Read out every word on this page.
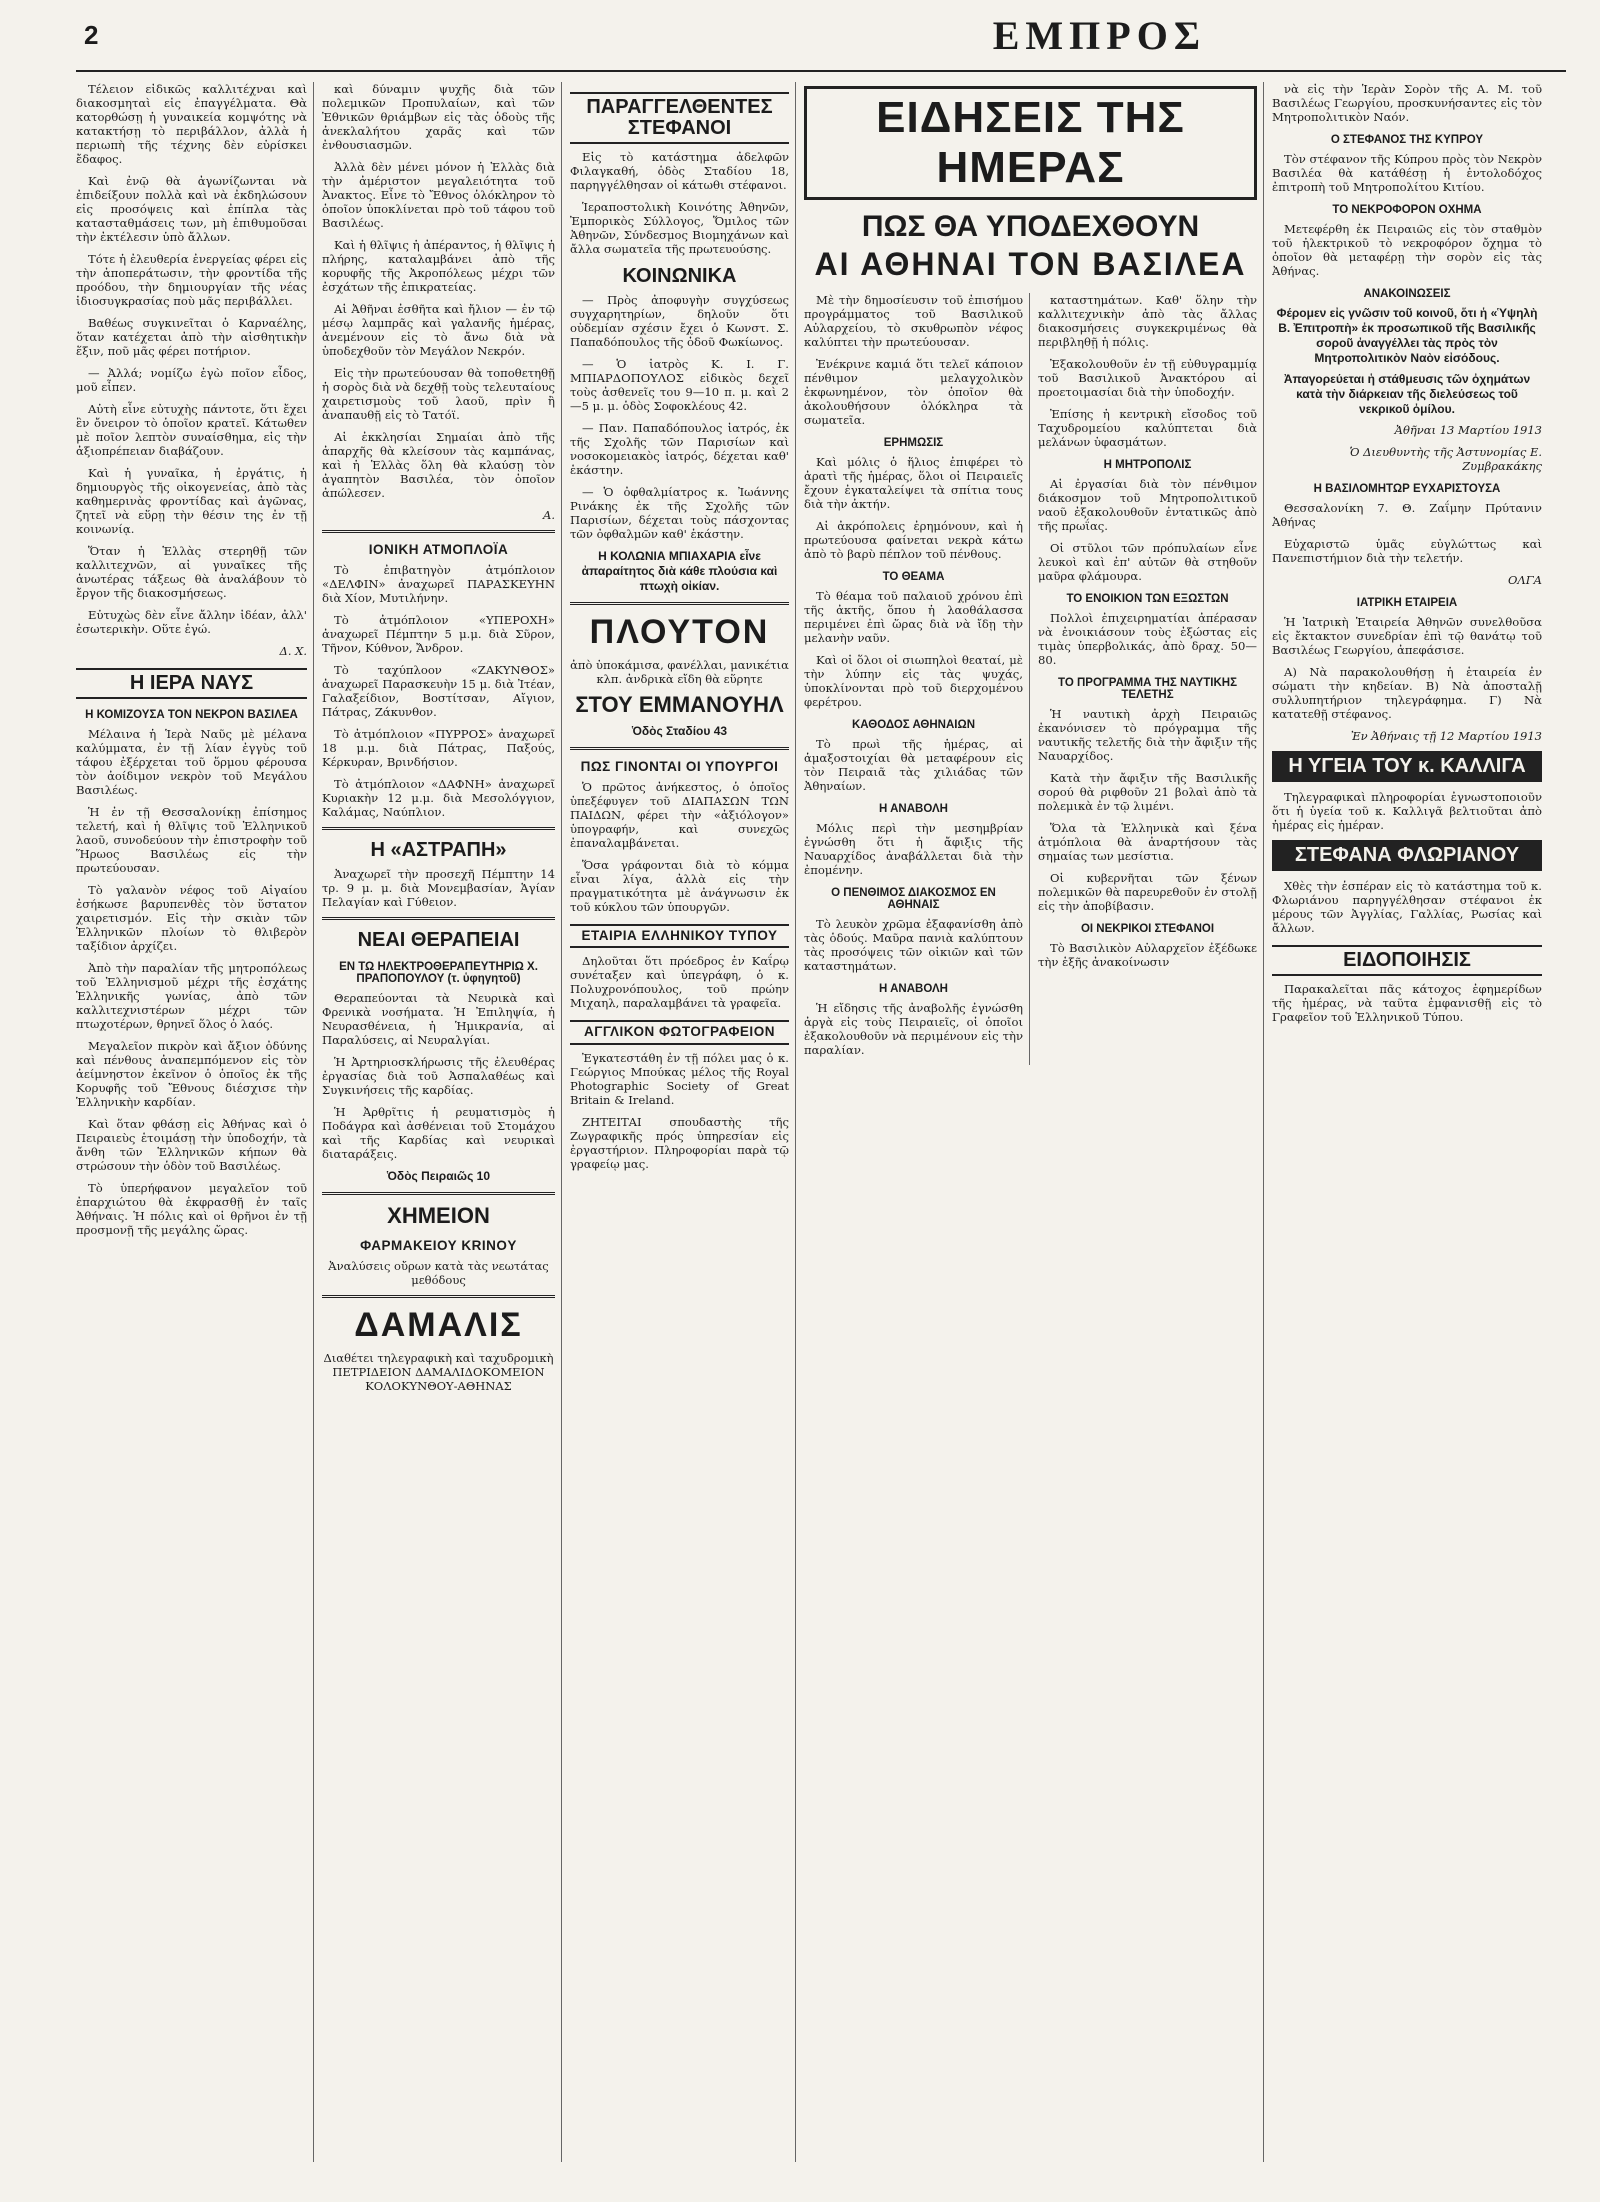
2	ΕΜΠΡΟΣ

Τέλειον εἰδικῶς καλλιτέχναι καὶ διακοσμηταὶ εἰς ἐπαγγέλματα. Θὰ κατορθώσῃ ἡ γυναικεία κομψότης νὰ κατακτήσῃ τὸ περιβάλλον, ἀλλὰ ἡ περιωπὴ τῆς τέχνης δὲν εὑρίσκει ἔδαφος.

Καὶ ἐνῷ θὰ ἀγωνίζωνται νὰ ἐπιδείξουν πολλὰ καὶ νὰ ἐκδηλώσουν εἰς προσόψεις καὶ ἐπίπλα τὰς κατασταθμάσεις των, μὴ ἐπιθυμοῦσαι τὴν ἐκτέλεσιν ὑπὸ ἄλλων.

Τότε ἡ ἐλευθερία ἐνεργείας φέρει εἰς τὴν ἀποπεράτωσιν, τὴν φροντίδα τῆς προόδου, τὴν δημιουργίαν τῆς νέας ἰδιοσυγκρασίας ποὺ μᾶς περιβάλλει.

Βαθέως συγκινεῖται ὁ Καρναέλης, ὅταν κατέχεται ἀπὸ τὴν αἰσθητικὴν ἕξιν, ποῦ μᾶς φέρει ποτήριον.

— Ἀλλά; νομίζω ἐγὼ ποῖον εἶδος, μοῦ εἶπεν.

Αὐτὴ εἶνε εὐτυχὴς πάντοτε, ὅτι ἔχει ἓν ὄνειρον τὸ ὁποῖον κρατεῖ. Κάτωθεν μὲ ποῖον λεπτὸν συναίσθημα, εἰς τὴν ἀξιοπρέπειαν διαβάζουν.

Καὶ ἡ γυναῖκα, ἡ ἐργάτις, ἡ δημιουργὸς τῆς οἰκογενείας, ἀπὸ τὰς καθημερινὰς φροντίδας καὶ ἀγῶνας, ζητεῖ νὰ εὕρῃ τὴν θέσιν της ἐν τῇ κοινωνίᾳ.

Ὅταν ἡ Ἑλλὰς στερηθῇ τῶν καλλιτεχνῶν, αἱ γυναῖκες τῆς ἀνωτέρας τάξεως θὰ ἀναλάβουν τὸ ἔργον τῆς διακοσμήσεως.

Εὐτυχὼς δὲν εἶνε ἄλλην ἰδέαν, ἀλλ' ἐσωτερικὴν. Οὕτε ἐγώ.

Δ. Χ.
Η ΙΕΡΑ ΝΑΥΣ
Η ΚΟΜΙΖΟΥΣΑ ΤΟΝ ΝΕΚΡΟΝ ΒΑΣΙΛΕΑ

Μέλαινα ἡ Ἱερὰ Ναῦς μὲ μέλανα καλύμματα, ἐν τῇ λίαν ἐγγὺς τοῦ τάφου ἐξέρχεται τοῦ ὅρμου φέρουσα τὸν ἀοίδιμον νεκρὸν τοῦ Μεγάλου Βασιλέως.

Ἡ ἐν τῇ Θεσσαλονίκῃ ἐπίσημος τελετή, καὶ ἡ θλῖψις τοῦ Ἑλληνικοῦ λαοῦ, συνοδεύουν τὴν ἐπιστροφὴν τοῦ Ἥρωος Βασιλέως εἰς τὴν πρωτεύουσαν.

Τὸ γαλανὸν νέφος τοῦ Αἰγαίου ἐσήκωσε βαρυπενθὲς τὸν ὕστατον χαιρετισμόν. Εἰς τὴν σκιὰν τῶν Ἑλληνικῶν πλοίων τὸ θλιβερὸν ταξίδιον ἀρχίζει.

Ἀπὸ τὴν παραλίαν τῆς μητροπόλεως τοῦ Ἑλληνισμοῦ μέχρι τῆς ἐσχάτης Ἑλληνικῆς γωνίας, ἀπὸ τῶν καλλιτεχνιστέρων μέχρι τῶν πτωχοτέρων, θρηνεῖ ὅλος ὁ λαός.

Μεγαλεῖον πικρὸν καὶ ἄξιον ὀδύνης καὶ πένθους ἀναπεμπόμενον εἰς τὸν ἀείμνηστον ἐκεῖνον ὁ ὁποῖος ἐκ τῆς Κορυφῆς τοῦ Ἔθνους διέσχισε τὴν Ἑλληνικὴν καρδίαν.

Καὶ ὅταν φθάσῃ εἰς Ἀθήνας καὶ ὁ Πειραιεὺς ἑτοιμάσῃ τὴν ὑποδοχήν, τὰ ἄνθη τῶν Ἑλληνικῶν κήπων θὰ στρώσουν τὴν ὁδὸν τοῦ Βασιλέως.

Τὸ ὑπερήφανον μεγαλεῖον τοῦ ἐπαρχιώτου θὰ ἐκφρασθῇ ἐν ταῖς Ἀθήναις. Ἡ πόλις καὶ οἱ θρῆνοι ἐν τῇ προσμονῇ τῆς μεγάλης ὥρας.

καὶ δύναμιν ψυχῆς διὰ τῶν πολεμικῶν Προπυλαίων, καὶ τῶν Ἐθνικῶν θριάμβων εἰς τὰς ὁδοὺς τῆς ἀνεκλαλήτου χαρᾶς καὶ τῶν ἐνθουσιασμῶν.

Ἀλλὰ δὲν μένει μόνον ἡ Ἑλλὰς διὰ τὴν ἀμέριστον μεγαλειότητα τοῦ Ἀνακτος. Εἶνε τὸ Ἔθνος ὁλόκληρον τὸ ὁποῖον ὑποκλίνεται πρὸ τοῦ τάφου τοῦ Βασιλέως.

Καὶ ἡ θλῖψις ἡ ἀπέραντος, ἡ θλῖψις ἡ πλήρης, καταλαμβάνει ἀπὸ τῆς κορυφῆς τῆς Ἀκροπόλεως μέχρι τῶν ἐσχάτων τῆς ἐπικρατείας.

Αἱ Ἀθῆναι ἐσθῆτα καὶ ἤλιον — ἐν τῷ μέσῳ λαμπρᾶς καὶ γαλανῆς ἡμέρας, ἀνεμένουν εἰς τὸ ἄνω διὰ νὰ ὑποδεχθοῦν τὸν Μεγάλον Νεκρόν.

Εἰς τὴν πρωτεύουσαν θὰ τοποθετηθῇ ἡ σορὸς διὰ νὰ δεχθῇ τοὺς τελευταίους χαιρετισμοὺς τοῦ λαοῦ, πρὶν ἢ ἀναπαυθῇ εἰς τὸ Τατόϊ.

Αἱ ἐκκλησίαι Σημαίαι ἀπὸ τῆς ἀπαρχῆς θὰ κλείσουν τὰς καμπάνας, καὶ ἡ Ἑλλὰς ὅλη θὰ κλαύσῃ τὸν ἀγαπητὸν Βασιλέα, τὸν ὁποῖον ἀπώλεσεν.

Α.
ΙΟΝΙΚΗ ΑΤΜΟΠΛΟΪΑ

Τὸ ἐπιβατηγὸν ἀτμόπλοιον «ΔΕΛΦΙΝ» ἀναχωρεῖ ΠΑΡΑΣΚΕΥΗΝ διὰ Χίον, Μυτιλήνην.

Τὸ ἀτμόπλοιον «ΥΠΕΡΟΧΗ» ἀναχωρεῖ Πέμπτην 5 μ.μ. διὰ Σῦρον, Τῆνον, Κύθνον, Ἄνδρον.

Τὸ ταχύπλοον «ΖΑΚΥΝΘΟΣ» ἀναχωρεῖ Παρασκευὴν 15 μ. διὰ Ἰτέαν, Γαλαξείδιον, Βοστίτσαν, Αἴγιον, Πάτρας, Ζάκυνθον.

Τὸ ἀτμόπλοιον «ΠΥΡΡΟΣ» ἀναχωρεῖ 18 μ.μ. διὰ Πάτρας, Παξούς, Κέρκυραν, Βρινδήσιον.

Τὸ ἀτμόπλοιον «ΔΑΦΝΗ» ἀναχωρεῖ Κυριακὴν 12 μ.μ. διὰ Μεσολόγγιον, Καλάμας, Ναύπλιον.

Η «ΑΣΤΡΑΠΗ»

Ἀναχωρεῖ τὴν προσεχῆ Πέμπτην 14 τρ. 9 μ. μ. διὰ Μονεμβασίαν, Ἁγίαν Πελαγίαν καὶ Γύθειον.

ΝΕΑΙ ΘΕΡΑΠΕΙΑΙ
ΕΝ ΤΩ ΗΛΕΚΤΡΟΘΕΡΑΠΕΥΤΗΡΙΩ Χ. ΠΡΑΠΟΠΟΥΛΟΥ (τ. ὑφηγητοῦ)

Θεραπεύονται τὰ Νευρικὰ καὶ Φρενικὰ νοσήματα. Ἡ Ἐπιληψία, ἡ Νευρασθένεια, ἡ Ἡμικρανία, αἱ Παραλύσεις, αἱ Νευραλγίαι.

Ἡ Ἀρτηριοσκλήρωσις τῆς ἐλευθέρας ἐργασίας διὰ τοῦ Ἀσπαλαθέως καὶ Συγκινήσεις τῆς καρδίας.

Ἡ Ἀρθρῖτις ἡ ρευματισμὸς ἡ Ποδάγρα καὶ ἀσθένειαι τοῦ Στομάχου καὶ τῆς Καρδίας καὶ νευρικαὶ διαταράξεις.

Ὁδὸς Πειραιῶς 10
ΧΗΜΕΙΟΝ
ΦΑΡΜΑΚΕΙΟΥ KRINOY
Ἀναλύσεις οὔρων κατὰ τὰς νεωτάτας μεθόδους
ΔΑΜΑΛΙΣ
Διαθέτει τηλεγραφικὴ καὶ ταχυδρομικὴ ΠΕΤΡΙΔΕΙΟΝ ΔΑΜΑΛΙΔΟΚΟΜΕΙΟΝ ΚΟΛΟΚΥΝΘΟΥ-ΑΘΗΝΑΣ
ΠΑΡΑΓΓΕΛΘΕΝΤΕΣ ΣΤΕΦΑΝΟΙ

Εἰς τὸ κατάστημα ἀδελφῶν Φιλαγκαθή, ὁδὸς Σταδίου 18, παρηγγέλθησαν οἱ κάτωθι στέφανοι.

Ἱεραποστολικὴ Κοινότης Ἀθηνῶν, Ἐμπορικὸς Σύλλογος, Ὅμιλος τῶν Ἀθηνῶν, Σύνδεσμος Βιομηχάνων καὶ ἄλλα σωματεῖα τῆς πρωτευούσης.

ΚΟΙΝΩΝΙΚΑ

— Πρὸς ἀποφυγὴν συγχύσεως συγχαρητηρίων, δηλοῦν ὅτι οὐδεμίαν σχέσιν ἔχει ὁ Κωνστ. Σ. Παπαδόπουλος τῆς ὁδοῦ Φωκίωνος.

— Ὁ ἰατρὸς Κ. Ι. Γ. ΜΠΙΑΡΔΟΠΟΥΛΟΣ εἰδικὸς δεχεῖ τοὺς ἀσθενεῖς του 9—10 π. μ. καὶ 2—5 μ. μ. ὁδὸς Σοφοκλέους 42.

— Παν. Παπαδόπουλος ἰατρός, ἐκ τῆς Σχολῆς τῶν Παρισίων καὶ νοσοκομειακὸς ἰατρός, δέχεται καθ' ἑκάστην.

— Ὁ ὀφθαλμίατρος κ. Ἰωάννης Ρινάκης ἐκ τῆς Σχολῆς τῶν Παρισίων, δέχεται τοὺς πάσχοντας τῶν ὀφθαλμῶν καθ' ἑκάστην.

Η ΚΟΛΩΝΙΑ ΜΠΙΑΧΑΡΙΑ εἶνε ἀπαραίτητος διὰ κάθε πλούσια καὶ πτωχὴ οἰκίαν.
ΠΛΟΥΤΟΝ
ἀπὸ ὑποκάμισα, φανέλλαι, μανικέτια κλπ. ἀνδρικὰ εἴδη θὰ εὕρητε
ΣΤΟΥ ΕΜΜΑΝΟΥΗΛ
Ὁδὸς Σταδίου 43
ΠΩΣ ΓΙΝΟΝΤΑΙ ΟΙ ΥΠΟΥΡΓΟΙ

Ὁ πρῶτος ἀνήκεστος, ὁ ὁποῖος ὑπεξέφυγεν τοῦ ΔΙΑΠΑΣΩΝ ΤΩΝ ΠΑΙΔΩΝ, φέρει τὴν «ἀξιόλογον» ὑπογραφήν, καὶ συνεχῶς ἐπαναλαμβάνεται.

Ὅσα γράφονται διὰ τὸ κόμμα εἶναι λίγα, ἀλλὰ εἰς τὴν πραγματικότητα μὲ ἀνάγνωσιν ἐκ τοῦ κύκλου τῶν ὑπουργῶν.

ΕΤΑΙΡΙΑ ΕΛΛΗΝΙΚΟΥ ΤΥΠΟΥ

Δηλοῦται ὅτι πρόεδρος ἐν Καΐρῳ συνέταξεν καὶ ὑπεγράφη, ὁ κ. Πολυχρονόπουλος, τοῦ πρώην Μιχαηλ, παραλαμβάνει τὰ γραφεῖα.

ΑΓΓΛΙΚΟΝ ΦΩΤΟΓΡΑΦΕΙΟΝ

Ἐγκατεστάθη ἐν τῇ πόλει μας ὁ κ. Γεώργιος Μπούκας μέλος τῆς Royal Photographic Society of Great Britain & Ireland.

ΖΗΤΕΙΤΑΙ σπουδαστὴς τῆς Ζωγραφικῆς πρός ὑπηρεσίαν εἰς ἐργαστήριον. Πληροφορίαι παρὰ τῷ γραφείῳ μας.

ΕΙΔΗΣΕΙΣ ΤΗΣ ΗΜΕΡΑΣ
ΠΩΣ ΘΑ ΥΠΟΔΕΧΘΟΥΝ
ΑΙ ΑΘΗΝΑΙ ΤΟΝ ΒΑΣΙΛΕΑ

Μὲ τὴν δημοσίευσιν τοῦ ἐπισήμου προγράμματος τοῦ Βασιλικοῦ Αὐλαρχείου, τὸ σκυθρωπὸν νέφος καλύπτει τὴν πρωτεύουσαν.

Ἐνέκρινε καμιά ὅτι τελεῖ κάποιον πένθιμον μελαγχολικὸν ἐκφωνημένον, τὸν ὁποῖον θὰ ἀκολουθήσουν ὁλόκληρα τὰ σωματεῖα.

ΕΡΗΜΩΣΙΣ

Καὶ μόλις ὁ ἥλιος ἐπιφέρει τὸ ἀρατὶ τῆς ἡμέρας, ὅλοι οἱ Πειραιεῖς ἔχουν ἐγκαταλείψει τὰ σπίτια τους διὰ τὴν ἀκτήν.

Αἱ ἀκρόπολεις ἐρημόνουν, καὶ ἡ πρωτεύουσα φαίνεται νεκρὰ κάτω ἀπὸ τὸ βαρὺ πέπλον τοῦ πένθους.

ΤΟ ΘΕΑΜΑ

Τὸ θέαμα τοῦ παλαιοῦ χρόνου ἐπὶ τῆς ἀκτῆς, ὅπου ἡ λαοθάλασσα περιμένει ἐπὶ ὥρας διὰ νὰ ἴδῃ τὴν μελανὴν ναῦν.

Καὶ οἱ ὅλοι οἱ σιωπηλοὶ θεαταί, μὲ τὴν λύπην εἰς τὰς ψυχάς, ὑποκλίνονται πρὸ τοῦ διερχομένου φερέτρου.

ΚΑΘΟΔΟΣ ΑΘΗΝΑΙΩΝ

Τὸ πρωὶ τῆς ἡμέρας, αἱ ἁμαξοστοιχίαι θὰ μεταφέρουν εἰς τὸν Πειραιᾶ τὰς χιλιάδας τῶν Ἀθηναίων.

Η ΑΝΑΒΟΛΗ

Μόλις περὶ τὴν μεσημβρίαν ἐγνώσθη ὅτι ἡ ἄφιξις τῆς Ναυαρχίδος ἀναβάλλεται διὰ τὴν ἐπομένην.

Ο ΠΕΝΘΙΜΟΣ ΔΙΑΚΟΣΜΟΣ ΕΝ ΑΘΗΝΑΙΣ

Τὸ λευκὸν χρῶμα ἐξαφανίσθη ἀπὸ τὰς ὁδούς. Μαῦρα πανιὰ καλύπτουν τὰς προσόψεις τῶν οἰκιῶν καὶ τῶν καταστημάτων.

Η ΑΝΑΒΟΛΗ

Ἡ εἴδησις τῆς ἀναβολῆς ἐγνώσθη ἀργὰ εἰς τοὺς Πειραιεῖς, οἱ ὁποῖοι ἐξακολουθοῦν νὰ περιμένουν εἰς τὴν παραλίαν.

καταστημάτων. Καθ' ὅλην τὴν καλλιτεχνικὴν ἀπὸ τὰς ἄλλας διακοσμήσεις συγκεκριμένως θὰ περιβληθῇ ἡ πόλις.

Ἐξακολουθοῦν ἐν τῇ εὐθυγραμμίᾳ τοῦ Βασιλικοῦ Ἀνακτόρου αἱ προετοιμασίαι διὰ τὴν ὑποδοχήν.

Ἐπίσης ἡ κεντρικὴ εἴσοδος τοῦ Ταχυδρομείου καλύπτεται διὰ μελάνων ὑφασμάτων.

Η ΜΗΤΡΟΠΟΛΙΣ

Αἱ ἐργασίαι διὰ τὸν πένθιμον διάκοσμον τοῦ Μητροπολιτικοῦ ναοῦ ἐξακολουθοῦν ἐντατικῶς ἀπὸ τῆς πρωΐας.

Οἱ στῦλοι τῶν πρόπυλαίων εἶνε λευκοὶ καὶ ἐπ' αὐτῶν θὰ στηθοῦν μαῦρα φλάμουρα.

ΤΟ ΕΝΟΙΚΙΟΝ ΤΩΝ ΕΞΩΣΤΩΝ

Πολλοὶ ἐπιχειρηματίαι ἀπέρασαν νὰ ἐνοικιάσουν τοὺς ἐξώστας εἰς τιμὰς ὑπερβολικάς, ἀπὸ δραχ. 50—80.

ΤΟ ΠΡΟΓΡΑΜΜΑ ΤΗΣ ΝΑΥΤΙΚΗΣ ΤΕΛΕΤΗΣ

Ἡ ναυτικὴ ἀρχὴ Πειραιῶς ἐκανόνισεν τὸ πρόγραμμα τῆς ναυτικῆς τελετῆς διὰ τὴν ἄφιξιν τῆς Ναυαρχίδος.

Κατὰ τὴν ἄφιξιν τῆς Βασιλικῆς σορού θὰ ριφθοῦν 21 βολαὶ ἀπὸ τὰ πολεμικὰ ἐν τῷ λιμένι.

Ὅλα τὰ Ἑλληνικὰ καὶ ξένα ἀτμόπλοια θὰ ἀναρτήσουν τὰς σημαίας των μεσίστια.

Οἱ κυβερνῆται τῶν ξένων πολεμικῶν θὰ παρευρεθοῦν ἐν στολῇ εἰς τὴν ἀποβίβασιν.

ΟΙ ΝΕΚΡΙΚΟΙ ΣΤΕΦΑΝΟΙ

Τὸ Βασιλικὸν Αὐλαρχεῖον ἐξέδωκε τὴν ἑξῆς ἀνακοίνωσιν

νὰ εἰς τὴν Ἱερὰν Σορὸν τῆς Α. Μ. τοῦ Βασιλέως Γεωργίου, προσκυνήσαντες εἰς τὸν Μητροπολιτικὸν Ναόν.

Ο ΣΤΕΦΑΝΟΣ ΤΗΣ ΚΥΠΡΟΥ

Τὸν στέφανον τῆς Κύπρου πρὸς τὸν Νεκρὸν Βασιλέα θὰ κατάθέσῃ ἡ ἐντολοδόχος ἐπιτροπὴ τοῦ Μητροπολίτου Κιτίου.

ΤΟ ΝΕΚΡΟΦΟΡΟΝ ΟΧΗΜΑ

Μετεφέρθη ἐκ Πειραιῶς εἰς τὸν σταθμὸν τοῦ ἠλεκτρικοῦ τὸ νεκροφόρον ὄχημα τὸ ὁποῖον θὰ μεταφέρῃ τὴν σορὸν εἰς τὰς Ἀθήνας.

ΑΝΑΚΟΙΝΩΣΕΙΣ
Φέρομεν εἰς γνῶσιν τοῦ κοινοῦ, ὅτι ἡ «Ὑψηλὴ Β. Ἐπιτροπὴ» ἐκ προσωπικοῦ τῆς Βασιλικῆς σοροῦ ἀναγγέλλει τὰς πρὸς τὸν Μητροπολιτικὸν Ναὸν εἰσόδους.
Ἀπαγορεύεται ἡ στάθμευσις τῶν ὀχημάτων κατὰ τὴν διάρκειαν τῆς διελεύσεως τοῦ νεκρικοῦ ὀμίλου.
Ἀθῆναι 13 Μαρτίου 1913
Ὁ Διευθυντὴς τῆς Ἀστυνομίας Ε. Ζυμβρακάκης
Η ΒΑΣΙΛΟΜΗΤΩΡ ΕΥΧΑΡΙΣΤΟΥΣΑ

Θεσσαλονίκη 7. Θ. Ζαΐμην Πρύτανιν Ἀθήνας

Εὐχαριστῶ ὑμᾶς εὐγλώττως καὶ Πανεπιστήμιον διὰ τὴν τελετήν.

ΟΛΓΑ
ΙΑΤΡΙΚΗ ΕΤΑΙΡΕΙΑ

Ἡ Ἰατρικὴ Ἑταιρεία Ἀθηνῶν συνελθοῦσα εἰς ἔκτακτον συνεδρίαν ἐπὶ τῷ θανάτῳ τοῦ Βασιλέως Γεωργίου, ἀπεφάσισε.

Α) Νὰ παρακολουθήσῃ ἡ ἑταιρεία ἐν σώματι τὴν κηδείαν. Β) Νὰ ἀποσταλῇ συλλυπητήριον τηλεγράφημα. Γ) Νὰ κατατεθῇ στέφανος.

Ἐν Ἀθήναις τῇ 12 Μαρτίου 1913
Η ΥΓΕΙΑ ΤΟΥ κ. ΚΑΛΛΙΓΑ

Τηλεγραφικαὶ πληροφορίαι ἐγνωστοποιοῦν ὅτι ἡ ὑγεία τοῦ κ. Καλλιγᾶ βελτιοῦται ἀπὸ ἡμέρας εἰς ἡμέραν.

ΣΤΕΦΑΝΑ ΦΛΩΡΙΑΝΟΥ

Χθὲς τὴν ἑσπέραν εἰς τὸ κατάστημα τοῦ κ. Φλωριάνου παρηγγέλθησαν στέφανοι ἐκ μέρους τῶν Ἀγγλίας, Γαλλίας, Ρωσίας καὶ ἄλλων.

ΕΙΔΟΠΟΙΗΣΙΣ

Παρακαλεῖται πᾶς κάτοχος ἐφημερίδων τῆς ἡμέρας, νὰ ταῦτα ἐμφανισθῇ εἰς τὸ Γραφεῖον τοῦ Ἑλληνικοῦ Τύπου.
